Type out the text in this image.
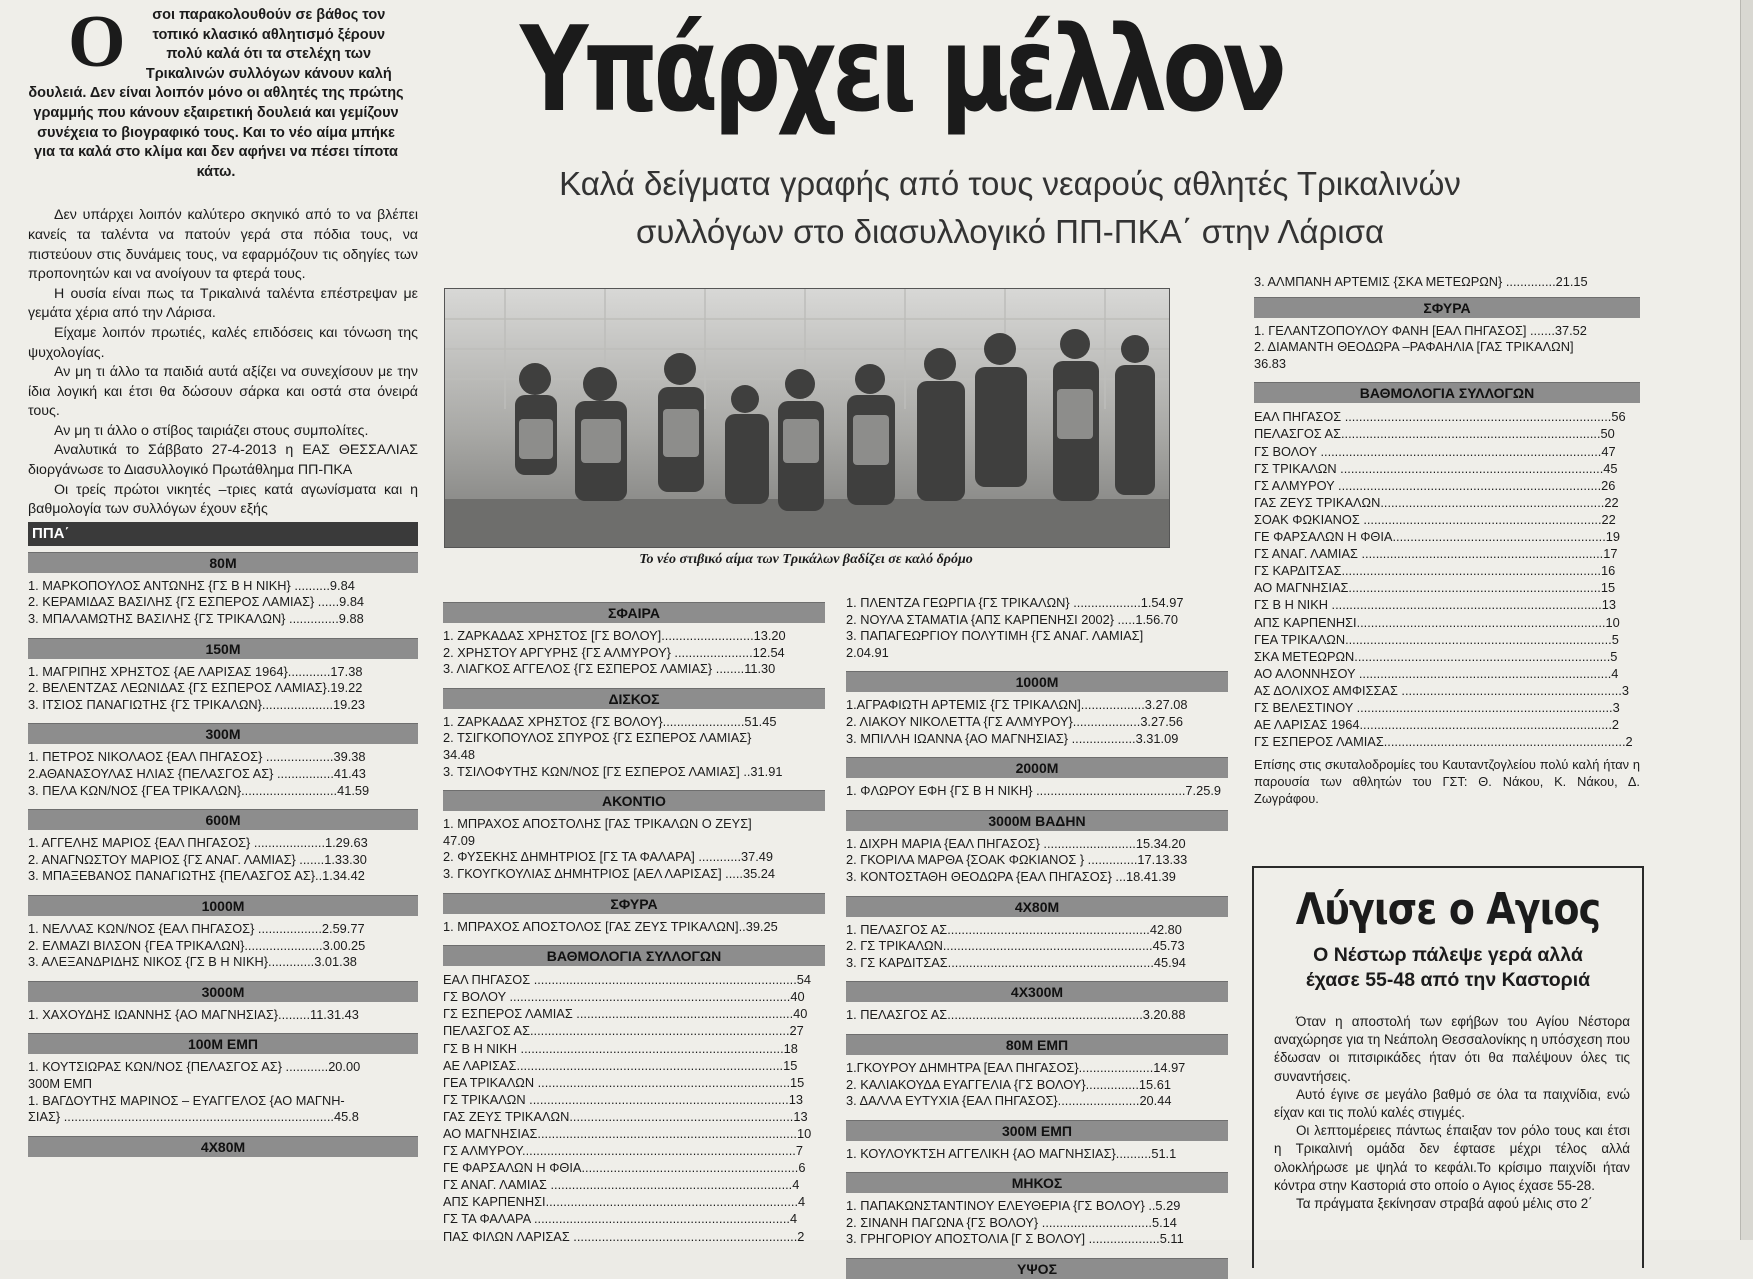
Ο	σοι παρακολουθούν σε βάθος τον τοπικό κλασικό αθλητισμό ξέρουν πολύ καλά ότι τα στελέχη των Τρικαλινών συλλόγων κάνουν καλή δουλειά. Δεν είναι λοιπόν μόνο οι αθλητές της πρώτης γραμμής που κάνουν εξαιρετική δουλειά και γεμίζουν συνέχεια το βιογραφικό τους. Και το νέο αίμα μπήκε για τα καλά στο κλίμα και δεν αφήνει να πέσει τίποτα κάτω.

Δεν υπάρχει λοιπόν καλύτερο σκηνικό από το να βλέπει κανείς τα ταλέντα να πατούν γερά στα πόδια τους, να πιστεύουν στις δυνάμεις τους, να εφαρμόζουν τις οδηγίες των προπονητών και να ανοίγουν τα φτερά τους.

Η ουσία είναι πως τα Τρικαλινά ταλέντα επέστρεψαν με γεμάτα χέρια από την Λάρισα.

Είχαμε λοιπόν πρωτιές, καλές επιδόσεις και τόνωση της ψυχολογίας.

Αν μη τι άλλο τα παιδιά αυτά αξίζει να συνεχίσουν με την ίδια λογική και έτσι θα δώσουν σάρκα και οστά στα όνειρά τους.

Αν μη τι άλλο ο στίβος ταιριάζει στους συμπολίτες.

Αναλυτικά το Σάββατο 27-4-2013 η ΕΑΣ ΘΕΣΣΑΛΙΑΣ διοργάνωσε το Διασυλλογικό Πρωτάθλημα ΠΠ-ΠΚΑ

Οι τρείς πρώτοι νικητές –τριες κατά αγωνίσματα και η βαθμολογία των συλλόγων έχουν εξής

ΠΠΑ΄
80Μ
1. ΜΑΡΚΟΠΟΥΛΟΣ ΑΝΤΩΝΗΣ {ΓΣ Β Η ΝΙΚΗ} ..........9.84
2. ΚΕΡΑΜΙΔΑΣ ΒΑΣΙΛΗΣ {ΓΣ ΕΣΠΕΡΟΣ ΛΑΜΙΑΣ} ......9.84
3. ΜΠΑΛΑΜΩΤΗΣ ΒΑΣΙΛΗΣ {ΓΣ ΤΡΙΚΑΛΩΝ} ..............9.88
150Μ
1. ΜΑΓΡΙΠΗΣ ΧΡΗΣΤΟΣ {ΑΕ ΛΑΡΙΣΑΣ 1964}............17.38
2. ΒΕΛΕΝΤΖΑΣ ΛΕΩΝΙΔΑΣ {ΓΣ ΕΣΠΕΡΟΣ ΛΑΜΙΑΣ}.19.22
3. ΙΤΣΙΟΣ ΠΑΝΑΓΙΩΤΗΣ {ΓΣ ΤΡΙΚΑΛΩΝ}....................19.23
300Μ
1. ΠΕΤΡΟΣ ΝΙΚΟΛΑΟΣ {ΕΑΛ ΠΗΓΑΣΟΣ} ...................39.38
2.ΑΘΑΝΑΣΟΥΛΑΣ ΗΛΙΑΣ {ΠΕΛΑΣΓΟΣ ΑΣ} ................41.43
3. ΠΕΛΑ ΚΩΝ/ΝΟΣ {ΓΕΑ ΤΡΙΚΑΛΩΝ}...........................41.59
600Μ
1. ΑΓΓΕΛΗΣ ΜΑΡΙΟΣ {ΕΑΛ ΠΗΓΑΣΟΣ} ....................1.29.63
2. ΑΝΑΓΝΩΣΤΟΥ ΜΑΡΙΟΣ {ΓΣ ΑΝΑΓ. ΛΑΜΙΑΣ} .......1.33.30
3. ΜΠΑΞΕΒΑΝΟΣ ΠΑΝΑΓΙΩΤΗΣ {ΠΕΛΑΣΓΟΣ ΑΣ}..1.34.42
1000Μ
1. ΝΕΛΛΑΣ ΚΩΝ/ΝΟΣ {ΕΑΛ ΠΗΓΑΣΟΣ} ..................2.59.77
2. ΕΛΜΑΖΙ ΒΙΛΣΟΝ {ΓΕΑ ΤΡΙΚΑΛΩΝ}......................3.00.25
3. ΑΛΕΞΑΝΔΡΙΔΗΣ ΝΙΚΟΣ {ΓΣ Β Η ΝΙΚΗ}.............3.01.38
3000Μ
1. ΧΑΧΟΥΔΗΣ ΙΩΑΝΝΗΣ {ΑΟ ΜΑΓΝΗΣΙΑΣ}.........11.31.43
100Μ ΕΜΠ
1. ΚΟΥΤΣΙΩΡΑΣ ΚΩΝ/ΝΟΣ {ΠΕΛΑΣΓΟΣ ΑΣ} ............20.00
300Μ ΕΜΠ
1. ΒΑΓΔΟΥΤΗΣ ΜΑΡΙΝΟΣ – ΕΥΑΓΓΕΛΟΣ {ΑΟ ΜΑΓΝΗ-
ΣΙΑΣ} ............................................................................45.8
4Χ80Μ
Υπάρχει μέλλον
Καλά δείγματα γραφής από τους νεαρούς αθλητές Τρικαλινών
συλλόγων στο διασυλλογικό ΠΠ-ΠΚΑ΄ στην Λάρισα
Το νέο στιβικό αίμα των Τρικάλων βαδίζει σε καλό δρόμο
ΣΦΑΙΡΑ
1. ΖΑΡΚΑΔΑΣ ΧΡΗΣΤΟΣ [ΓΣ ΒΟΛΟΥ]..........................13.20
2. ΧΡΗΣΤΟΥ ΑΡΓΥΡΗΣ {ΓΣ ΑΛΜΥΡΟΥ} ......................12.54
3. ΛΙΑΓΚΟΣ ΑΓΓΕΛΟΣ {ΓΣ ΕΣΠΕΡΟΣ ΛΑΜΙΑΣ} ........11.30
ΔΙΣΚΟΣ
1. ΖΑΡΚΑΔΑΣ ΧΡΗΣΤΟΣ {ΓΣ ΒΟΛΟΥ}.......................51.45
2. ΤΣΙΓΚΟΠΟΥΛΟΣ ΣΠΥΡΟΣ {ΓΣ ΕΣΠΕΡΟΣ ΛΑΜΙΑΣ}
34.48
3. ΤΣΙΛΟΦΥΤΗΣ ΚΩΝ/ΝΟΣ [ΓΣ ΕΣΠΕΡΟΣ ΛΑΜΙΑΣ] ..31.91
ΑΚΟΝΤΙΟ
1. ΜΠΡΑΧΟΣ ΑΠΟΣΤΟΛΗΣ [ΓΑΣ ΤΡΙΚΑΛΩΝ Ο ΖΕΥΣ]
47.09
2. ΦΥΣΕΚΗΣ ΔΗΜΗΤΡΙΟΣ [ΓΣ ΤΑ ΦΑΛΑΡΑ] ............37.49
3. ΓΚΟΥΓΚΟΥΛΙΑΣ ΔΗΜΗΤΡΙΟΣ [ΑΕΛ ΛΑΡΙΣΑΣ] .....35.24
ΣΦΥΡΑ
1. ΜΠΡΑΧΟΣ ΑΠΟΣΤΟΛΟΣ [ΓΑΣ ΖΕΥΣ ΤΡΙΚΑΛΩΝ]..39.25
ΒΑΘΜΟΛΟΓΙΑ ΣΥΛΛΟΓΩΝ
ΕΑΛ ΠΗΓΑΣΟΣ ..........................................................................54
ΓΣ ΒΟΛΟΥ ...............................................................................40
ΓΣ ΕΣΠΕΡΟΣ ΛΑΜΙΑΣ .............................................................40
ΠΕΛΑΣΓΟΣ ΑΣ.........................................................................27
ΓΣ Β Η ΝΙΚΗ ..........................................................................18
ΑΕ ΛΑΡΙΣΑΣ...........................................................................15
ΓΕΑ ΤΡΙΚΑΛΩΝ .......................................................................15
ΓΣ ΤΡΙΚΑΛΩΝ .........................................................................13
ΓΑΣ ΖΕΥΣ ΤΡΙΚΑΛΩΝ...............................................................13
ΑΟ ΜΑΓΝΗΣΙΑΣ.........................................................................10
ΓΣ ΑΛΜΥΡΟΥ.............................................................................7
ΓΕ ΦΑΡΣΑΛΩΝ Η ΦΘΙΑ.............................................................6
ΓΣ ΑΝΑΓ. ΛΑΜΙΑΣ ....................................................................4
ΑΠΣ ΚΑΡΠΕΝΗΣΙ.......................................................................4
ΓΣ ΤΑ ΦΑΛΑΡΑ ........................................................................4
ΠΑΣ ΦΙΛΩΝ ΛΑΡΙΣΑΣ ...............................................................2
1. ΠΛΕΝΤΖΑ ΓΕΩΡΓΙΑ {ΓΣ ΤΡΙΚΑΛΩΝ} ...................1.54.97
2. ΝΟΥΛΑ ΣΤΑΜΑΤΙΑ {ΑΠΣ ΚΑΡΠΕΝΗΣΙ 2002} .....1.56.70
3. ΠΑΠΑΓΕΩΡΓΙΟΥ ΠΟΛΥΤΙΜΗ {ΓΣ ΑΝΑΓ. ΛΑΜΙΑΣ]
2.04.91
1000Μ
1.ΑΓΡΑΦΙΩΤΗ ΑΡΤΕΜΙΣ {ΓΣ ΤΡΙΚΑΛΩΝ]..................3.27.08
2. ΛΙΑΚΟΥ ΝΙΚΟΛΕΤΤΑ {ΓΣ ΑΛΜΥΡΟΥ}...................3.27.56
3. ΜΠΙΛΛΗ ΙΩΑΝΝΑ {ΑΟ ΜΑΓΝΗΣΙΑΣ} ..................3.31.09
2000Μ
1. ΦΛΩΡΟΥ ΕΦΗ {ΓΣ Β Η ΝΙΚΗ} ..........................................7.25.9
3000Μ ΒΑΔΗΝ
1. ΔΙΧΡΗ ΜΑΡΙΑ {ΕΑΛ ΠΗΓΑΣΟΣ} ..........................15.34.20
2. ΓΚΟΡΙΛΑ ΜΑΡΘΑ {ΣΟΑΚ ΦΩΚΙΑΝΟΣ } ..............17.13.33
3. ΚΟΝΤΟΣΤΑΘΗ ΘΕΟΔΩΡΑ {ΕΑΛ ΠΗΓΑΣΟΣ} ...18.41.39
4Χ80Μ
1. ΠΕΛΑΣΓΟΣ ΑΣ.........................................................42.80
2. ΓΣ ΤΡΙΚΑΛΩΝ...........................................................45.73
3. ΓΣ ΚΑΡΔΙΤΣΑΣ..........................................................45.94
4Χ300Μ
1. ΠΕΛΑΣΓΟΣ ΑΣ.......................................................3.20.88
80Μ ΕΜΠ
1.ΓΚΟΥΡΟΥ ΔΗΜΗΤΡΑ [ΕΑΛ ΠΗΓΑΣΟΣ}.....................14.97
2. ΚΑΛΙΑΚΟΥΔΑ ΕΥΑΓΓΕΛΙΑ {ΓΣ ΒΟΛΟΥ}...............15.61
3. ΔΑΛΛΑ ΕΥΤΥΧΙΑ {ΕΑΛ ΠΗΓΑΣΟΣ}.......................20.44
300Μ ΕΜΠ
1. ΚΟΥΛΟΥΚΤΣΗ ΑΓΓΕΛΙΚΗ {ΑΟ ΜΑΓΝΗΣΙΑΣ}..........51.1
ΜΗΚΟΣ
1. ΠΑΠΑΚΩΝΣΤΑΝΤΙΝΟΥ ΕΛΕΥΘΕΡΙΑ {ΓΣ ΒΟΛΟΥ} ..5.29
2. ΣΙΝΑΝΗ ΠΑΓΩΝΑ {ΓΣ ΒΟΛΟΥ} ...............................5.14
3. ΓΡΗΓΟΡΙΟΥ ΑΠΟΣΤΟΛΙΑ [Γ Σ ΒΟΛΟΥ] ....................5.11
ΥΨΟΣ
3. ΑΛΜΠΑΝΗ ΑΡΤΕΜΙΣ {ΣΚΑ ΜΕΤΕΩΡΩΝ} ..............21.15
ΣΦΥΡΑ
1. ΓΕΛΑΝΤΖΟΠΟΥΛΟΥ ΦΑΝΗ [ΕΑΛ ΠΗΓΑΣΟΣ] .......37.52
2. ΔΙΑΜΑΝΤΗ ΘΕΟΔΩΡΑ –ΡΑΦΑΗΛΙΑ [ΓΑΣ ΤΡΙΚΑΛΩΝ]
36.83
ΒΑΘΜΟΛΟΓΙΑ ΣΥΛΛΟΓΩΝ
ΕΑΛ ΠΗΓΑΣΟΣ ...........................................................................56
ΠΕΛΑΣΓΟΣ ΑΣ.........................................................................50
ΓΣ ΒΟΛΟΥ ...............................................................................47
ΓΣ ΤΡΙΚΑΛΩΝ ..........................................................................45
ΓΣ ΑΛΜΥΡΟΥ ..........................................................................26
ΓΑΣ ΖΕΥΣ ΤΡΙΚΑΛΩΝ...............................................................22
ΣΟΑΚ ΦΩΚΙΑΝΟΣ ...................................................................22
ΓΕ ΦΑΡΣΑΛΩΝ Η ΦΘΙΑ............................................................19
ΓΣ ΑΝΑΓ. ΛΑΜΙΑΣ ....................................................................17
ΓΣ ΚΑΡΔΙΤΣΑΣ.........................................................................16
ΑΟ ΜΑΓΝΗΣΙΑΣ.......................................................................15
ΓΣ Β Η ΝΙΚΗ ............................................................................13
ΑΠΣ ΚΑΡΠΕΝΗΣΙ......................................................................10
ΓΕΑ ΤΡΙΚΑΛΩΝ...........................................................................5
ΣΚΑ ΜΕΤΕΩΡΩΝ........................................................................5
ΑΟ ΑΛΟΝΝΗΣΟΥ .......................................................................4
ΑΣ ΔΟΛΙΧΟΣ ΑΜΦΙΣΣΑΣ ..............................................................3
ΓΣ ΒΕΛΕΣΤΙΝΟΥ ........................................................................3
ΑΕ ΛΑΡΙΣΑΣ 1964.......................................................................2
ΓΣ ΕΣΠΕΡΟΣ ΛΑΜΙΑΣ....................................................................2
Επίσης στις σκυταλοδρομίες του Καυταντζογλείου πολύ καλή ήταν η παρουσία των αθλητών του ΓΣΤ: Θ. Νάκου, Κ. Νάκου, Δ. Ζωγράφου.
Λύγισε ο Αγιος
Ο Νέστωρ πάλεψε γερά αλλά
έχασε 55-48 από την Καστοριά

Όταν η αποστολή των εφήβων του Αγίου Νέστορα αναχώρησε για τη Νεάπολη Θεσσαλονίκης η υπόσχεση που έδωσαν οι πιτσιρικάδες ήταν ότι θα παλέψουν όλες τις συναντήσεις.

Αυτό έγινε σε μεγάλο βαθμό σε όλα τα παιχνίδια, ενώ είχαν και τις πολύ καλές στιγμές.

Οι λεπτομέρειες πάντως έπαιξαν τον ρόλο τους και έτσι η Τρικαλινή ομάδα δεν έφτασε μέχρι τέλος αλλά ολοκλήρωσε με ψηλά το κεφάλι.Το κρίσιμο παιχνίδι ήταν κόντρα στην Καστοριά στο οποίο ο Αγιος έχασε 55-28.

Τα πράγματα ξεκίνησαν στραβά αφού μέλις στο 2΄
